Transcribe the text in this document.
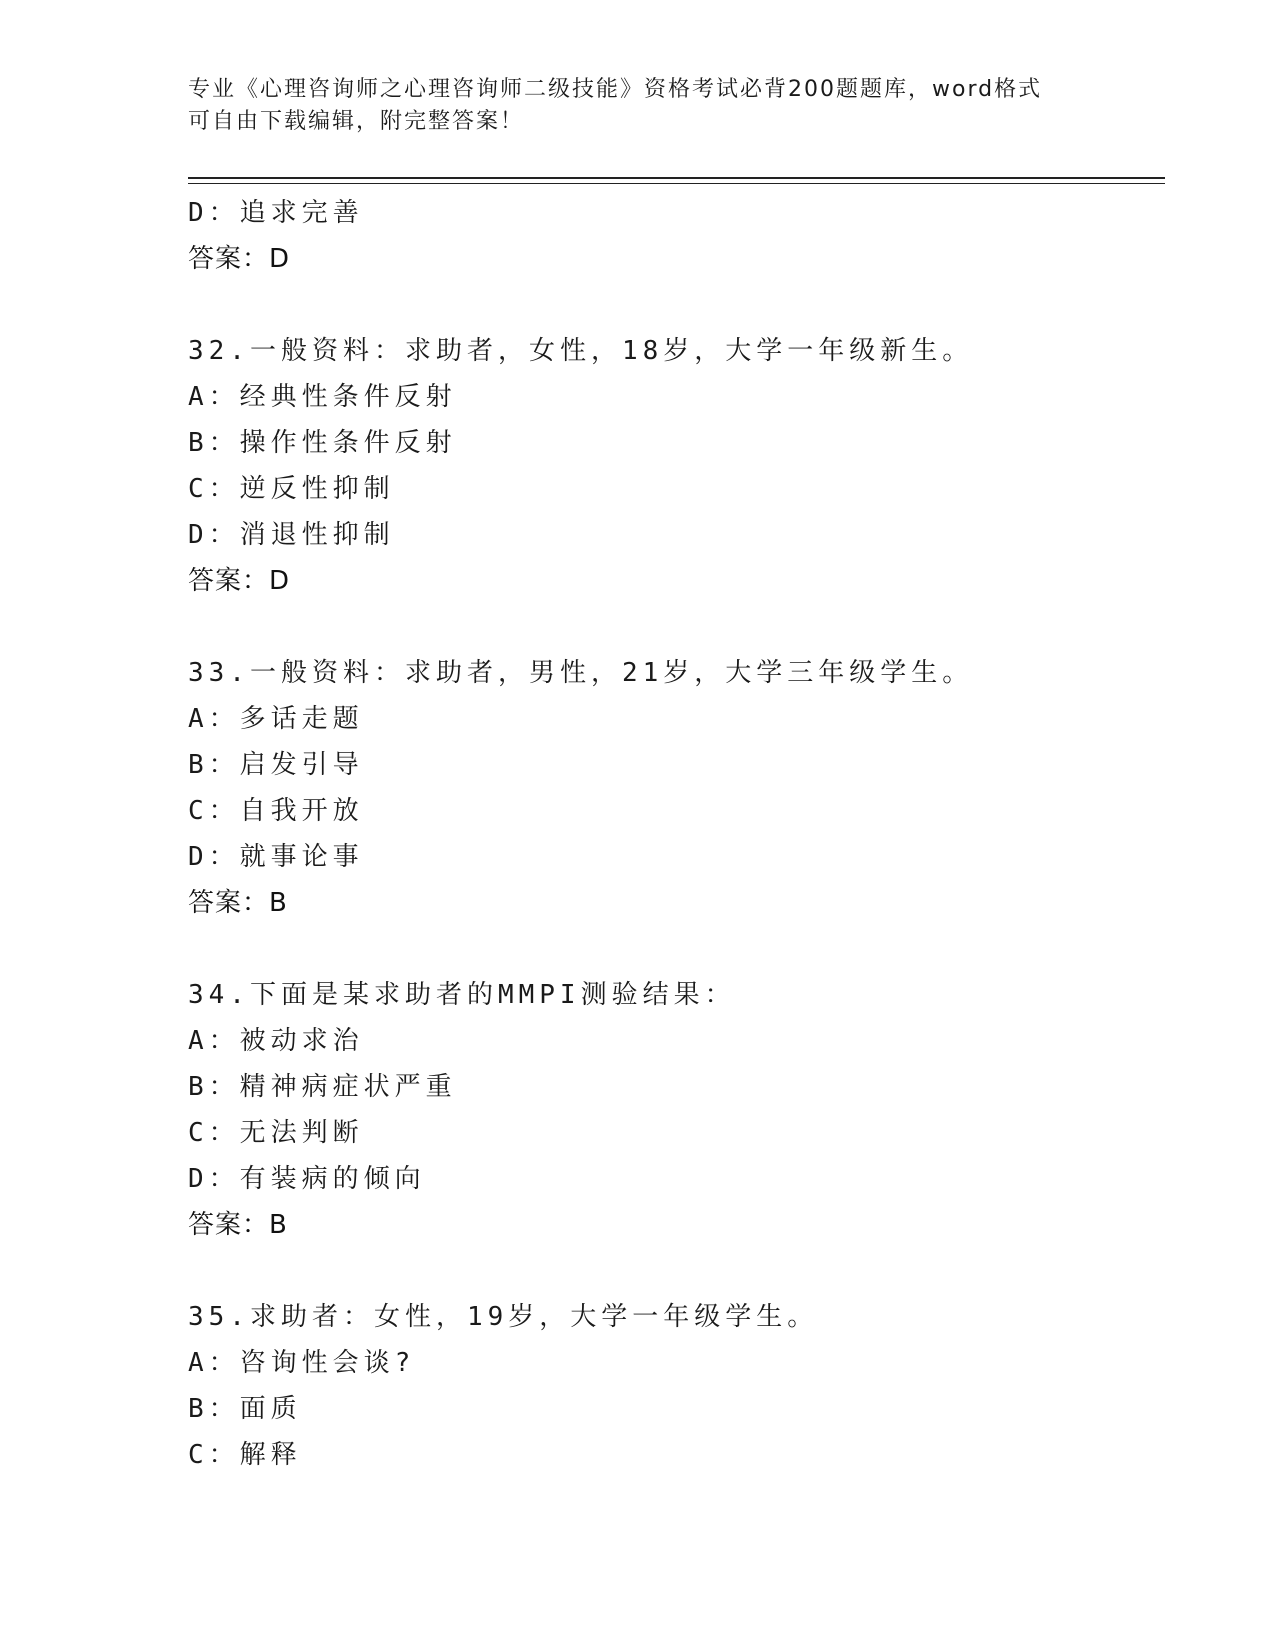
专业《心理咨询师之心理咨询师二级技能》资格考试必背200题题库，word格式
可自由下载编辑，附完整答案！
D：追求完善
答案：D
32.一般资料：求助者，女性，18岁，大学一年级新生。
A：经典性条件反射
B：操作性条件反射
C：逆反性抑制
D：消退性抑制
答案：D
33.一般资料：求助者，男性，21岁，大学三年级学生。
A：多话走题
B：启发引导
C：自我开放
D：就事论事
答案：B
34.下面是某求助者的MMPI测验结果：
A：被动求治
B：精神病症状严重
C：无法判断
D：有装病的倾向
答案：B
35.求助者：女性，19岁，大学一年级学生。
A：咨询性会谈?
B：面质
C：解释
